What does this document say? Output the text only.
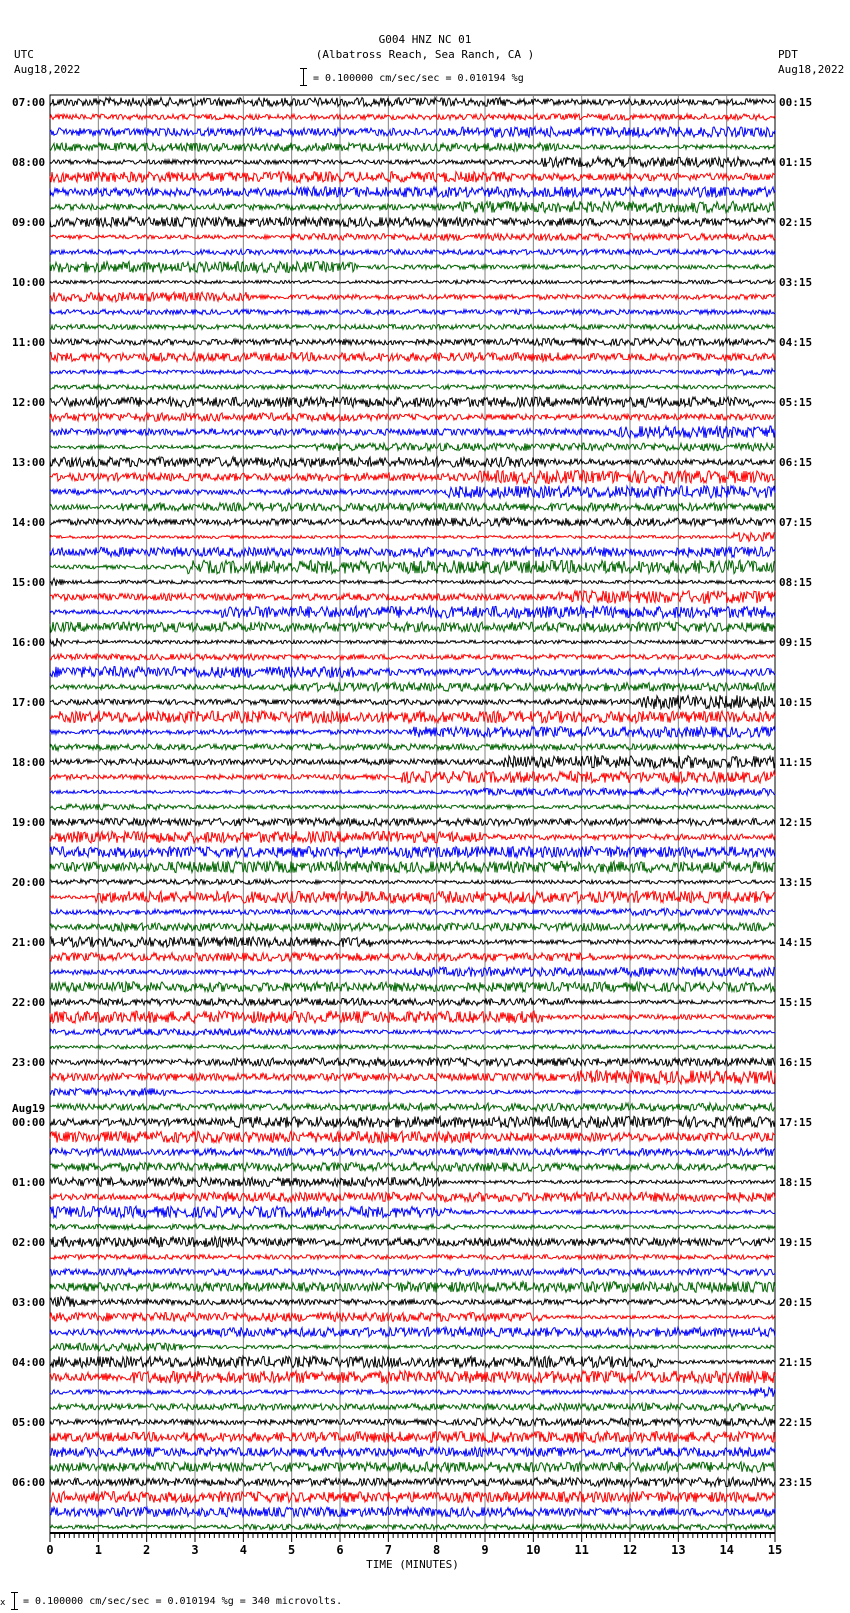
G004 HNZ NC 01
(Albatross Reach, Sea Ranch, CA )
UTC
Aug18,2022
PDT
Aug18,2022
= 0.100000 cm/sec/sec = 0.010194 %g
07:00
08:00
09:00
10:00
11:00
12:00
13:00
14:00
15:00
16:00
17:00
18:00
19:00
20:00
21:00
22:00
23:00
00:00
Aug19
01:00
02:00
03:00
04:00
05:00
06:00
00:15
01:15
02:15
03:15
04:15
05:15
06:15
07:15
08:15
09:15
10:15
11:15
12:15
13:15
14:15
15:15
16:15
17:15
18:15
19:15
20:15
21:15
22:15
23:15
0	1	2	3	4	5	6	7	8	9	10	11	12	13	14	15
TIME (MINUTES)
x = 0.100000 cm/sec/sec = 0.010194 %g = 340 microvolts.
